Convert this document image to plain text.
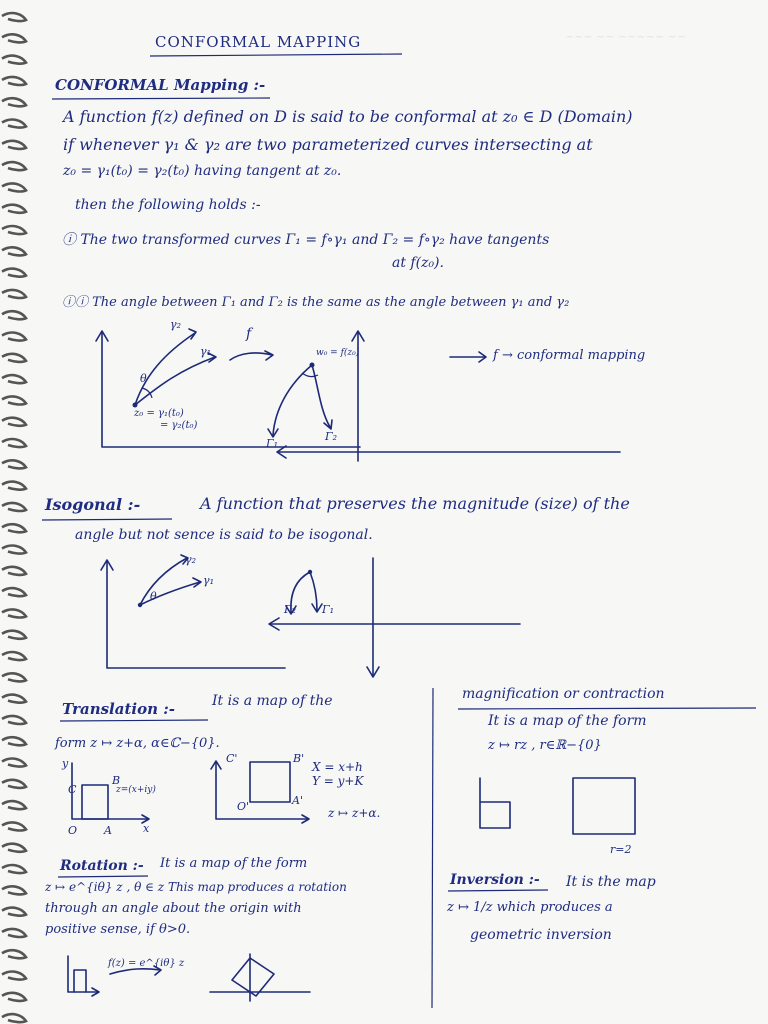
~~~ ~~ ~~~~~ ~~
CONFORMAL MAPPING
CONFORMAL Mapping :-
A function f(z) defined on D is said to be conformal at z₀ ∈ D (Domain)
if whenever γ₁ & γ₂ are two parameterized curves intersecting at
z₀ = γ₁(t₀) = γ₂(t₀) having tangent at z₀.
then the following holds :-
ⓘ The two transformed curves Γ₁ = f∘γ₁ and Γ₂ = f∘γ₂ have tangents
at f(z₀).
ⓘⓘ The angle between Γ₁ and Γ₂ is the same as the angle between γ₁ and γ₂
γ₂
γ₁
θ
z₀ = γ₁(t₀)
= γ₂(t₀)
f
w₀ = f(z₀)
Γ₁
Γ₂
f → conformal mapping
Isogonal :-	A function that preserves the magnitude (size) of the
angle but not sence is said to be isogonal.
γ₂
γ₁
θ
Γ₂ Γ₁
Translation :-	It is a map of the
form z ↦ z+α, α∈ℂ−{0}.
y
C
B
z=(x+iy)
O A	x
C'	B'
O'	A'
X = x+h
Y = y+K
z ↦ z+α.
magnification or contraction
It is a map of the form
z ↦ rz , r∈ℝ−{0}
r=2
Rotation :- It is a map of the form
z ↦ e^{iθ} z , θ ∈ z This map produces a rotation
through an angle about the origin with
positive sense, if θ>0.
f(z) = e^{iθ} z
Inversion :- It is the map
z ↦ 1/z which produces a
geometric inversion
